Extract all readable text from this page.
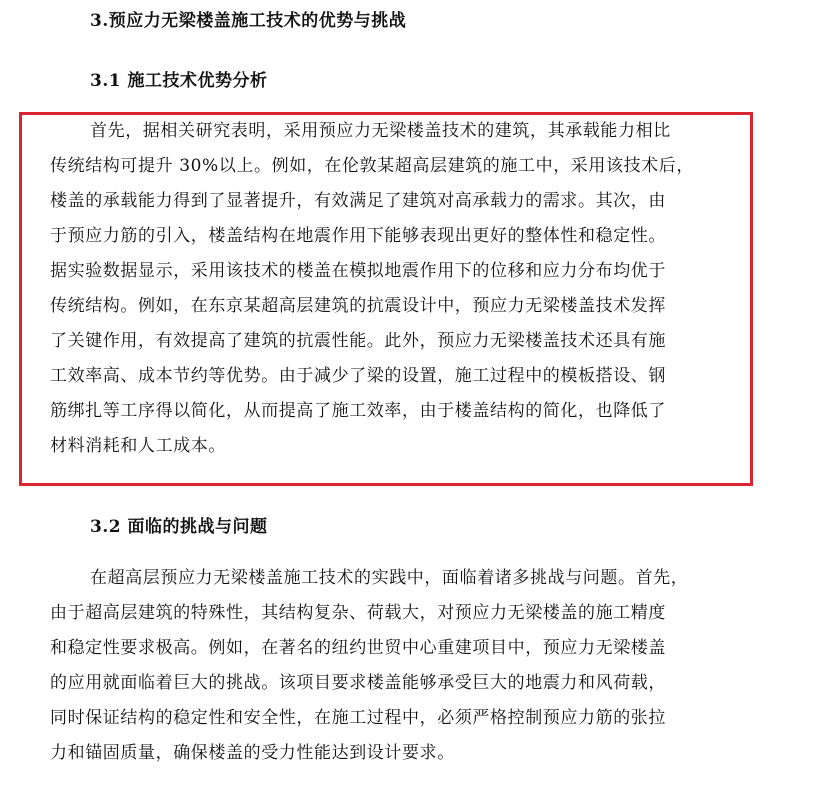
3.预应力无梁楼盖施工技术的优势与挑战
3.1 施工技术优势分析
首先，据相关研究表明，采用预应力无梁楼盖技术的建筑，其承载能力相比
传统结构可提升 30%以上。例如，在伦敦某超高层建筑的施工中，采用该技术后，
楼盖的承载能力得到了显著提升，有效满足了建筑对高承载力的需求。其次，由
于预应力筋的引入，楼盖结构在地震作用下能够表现出更好的整体性和稳定性。
据实验数据显示，采用该技术的楼盖在模拟地震作用下的位移和应力分布均优于
传统结构。例如，在东京某超高层建筑的抗震设计中，预应力无梁楼盖技术发挥
了关键作用，有效提高了建筑的抗震性能。此外，预应力无梁楼盖技术还具有施
工效率高、成本节约等优势。由于减少了梁的设置，施工过程中的模板搭设、钢
筋绑扎等工序得以简化，从而提高了施工效率，由于楼盖结构的简化，也降低了
材料消耗和人工成本。
3.2 面临的挑战与问题
在超高层预应力无梁楼盖施工技术的实践中，面临着诸多挑战与问题。首先，
由于超高层建筑的特殊性，其结构复杂、荷载大，对预应力无梁楼盖的施工精度
和稳定性要求极高。例如，在著名的纽约世贸中心重建项目中，预应力无梁楼盖
的应用就面临着巨大的挑战。该项目要求楼盖能够承受巨大的地震力和风荷载，
同时保证结构的稳定性和安全性，在施工过程中，必须严格控制预应力筋的张拉
力和锚固质量，确保楼盖的受力性能达到设计要求。
